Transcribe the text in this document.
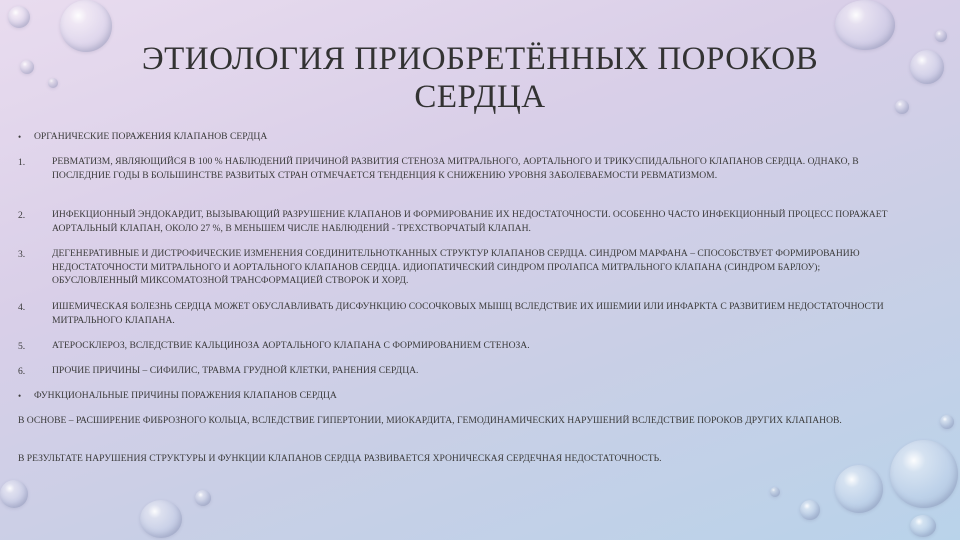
ЭТИОЛОГИЯ ПРИОБРЕТЁННЫХ ПОРОКОВ СЕРДЦА
• ОРГАНИЧЕСКИЕ ПОРАЖЕНИЯ КЛАПАНОВ СЕРДЦА
1.	РЕВМАТИЗМ, ЯВЛЯЮЩИЙСЯ В 100 % НАБЛЮДЕНИЙ ПРИЧИНОЙ РАЗВИТИЯ СТЕНОЗА МИТРАЛЬНОГО, АОРТАЛЬНОГО И ТРИКУСПИДАЛЬНОГО КЛАПАНОВ СЕРДЦА. ОДНАКО, В ПОСЛЕДНИЕ ГОДЫ В БОЛЬШИНСТВЕ РАЗВИТЫХ СТРАН ОТМЕЧАЕТСЯ ТЕНДЕНЦИЯ К СНИЖЕНИЮ УРОВНЯ ЗАБОЛЕВАЕМОСТИ РЕВМАТИЗМОМ.
2.	ИНФЕКЦИОННЫЙ ЭНДОКАРДИТ, ВЫЗЫВАЮЩИЙ РАЗРУШЕНИЕ КЛАПАНОВ И ФОРМИРОВАНИЕ ИХ НЕДОСТАТОЧНОСТИ. ОСОБЕННО ЧАСТО ИНФЕКЦИОННЫЙ ПРОЦЕСС ПОРАЖАЕТ АОРТАЛЬНЫЙ КЛАПАН, ОКОЛО 27 %, В МЕНЬШЕМ ЧИСЛЕ НАБЛЮДЕНИЙ - ТРЕХСТВОРЧАТЫЙ КЛАПАН.
3.	ДЕГЕНЕРАТИВНЫЕ И ДИСТРОФИЧЕСКИЕ ИЗМЕНЕНИЯ СОЕДИНИТЕЛЬНОТКАННЫХ СТРУКТУР КЛАПАНОВ СЕРДЦА. СИНДРОМ МАРФАНА – СПОСОБСТВУЕТ ФОРМИРОВАНИЮ НЕДОСТАТОЧНОСТИ МИТРАЛЬНОГО И АОРТАЛЬНОГО КЛАПАНОВ СЕРДЦА. ИДИОПАТИЧЕСКИЙ СИНДРОМ ПРОЛАПСА МИТРАЛЬНОГО КЛАПАНА (СИНДРОМ БАРЛОУ); ОБУСЛОВЛЕННЫЙ МИКСОМАТОЗНОЙ ТРАНСФОРМАЦИЕЙ СТВОРОК И ХОРД.
4.	ИШЕМИЧЕСКАЯ БОЛЕЗНЬ СЕРДЦА МОЖЕТ ОБУСЛАВЛИВАТЬ ДИСФУНКЦИЮ СОСОЧКОВЫХ МЫШЦ ВСЛЕДСТВИЕ ИХ ИШЕМИИ ИЛИ ИНФАРКТА С РАЗВИТИЕМ НЕДОСТАТОЧНОСТИ МИТРАЛЬНОГО КЛАПАНА.
5.	АТЕРОСКЛЕРОЗ, ВСЛЕДСТВИЕ КАЛЬЦИНОЗА АОРТАЛЬНОГО КЛАПАНА С ФОРМИРОВАНИЕМ СТЕНОЗА.
6.	ПРОЧИЕ ПРИЧИНЫ – СИФИЛИС, ТРАВМА ГРУДНОЙ КЛЕТКИ, РАНЕНИЯ СЕРДЦА.
• ФУНКЦИОНАЛЬНЫЕ ПРИЧИНЫ ПОРАЖЕНИЯ КЛАПАНОВ СЕРДЦА
В ОСНОВЕ – РАСШИРЕНИЕ ФИБРОЗНОГО КОЛЬЦА, ВСЛЕДСТВИЕ ГИПЕРТОНИИ, МИОКАРДИТА, ГЕМОДИНАМИЧЕСКИХ НАРУШЕНИЙ ВСЛЕДСТВИЕ ПОРОКОВ ДРУГИХ КЛАПАНОВ.
В РЕЗУЛЬТАТЕ НАРУШЕНИЯ СТРУКТУРЫ И ФУНКЦИИ КЛАПАНОВ СЕРДЦА РАЗВИВАЕТСЯ ХРОНИЧЕСКАЯ СЕРДЕЧНАЯ НЕДОСТАТОЧНОСТЬ.
